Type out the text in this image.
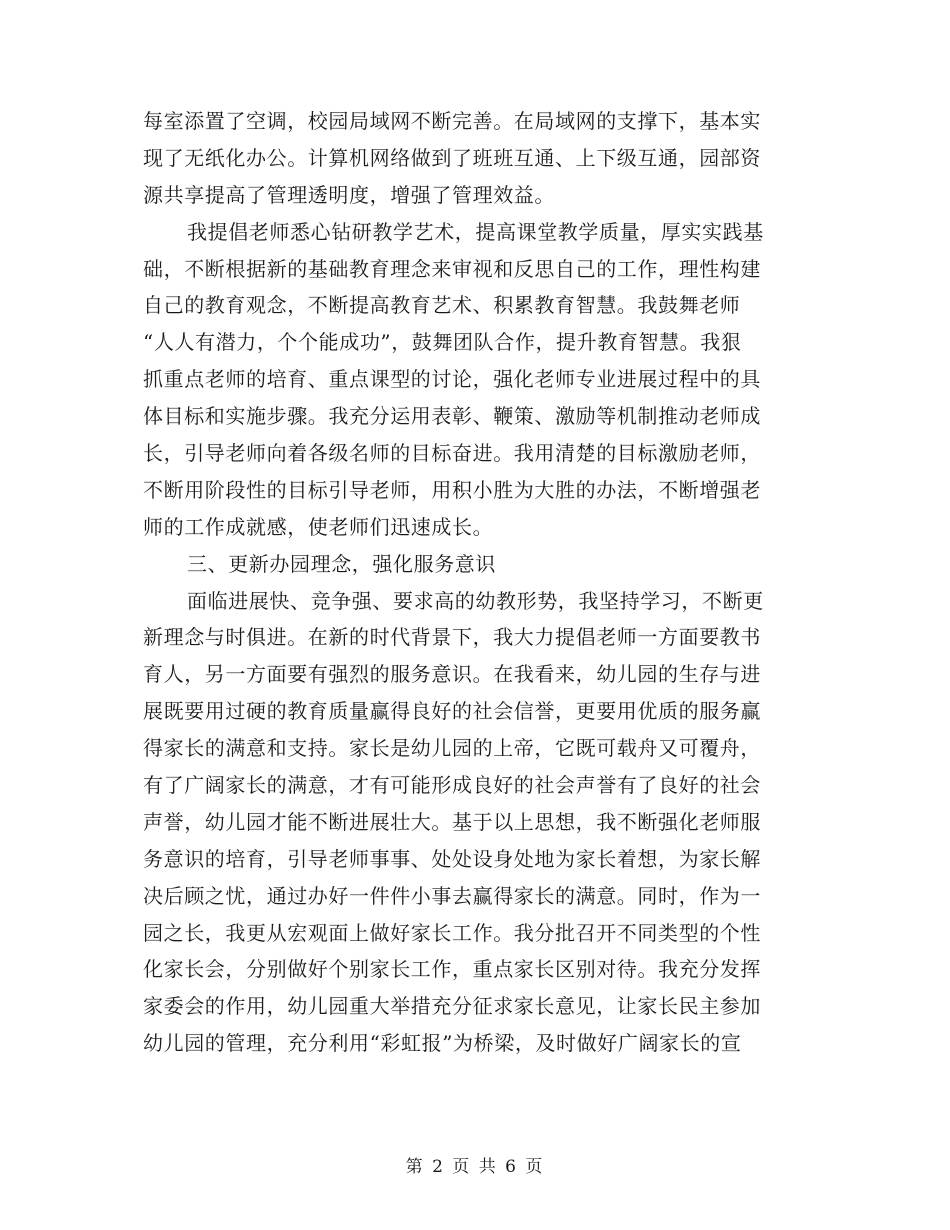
每室添置了空调，校园局域网不断完善。在局域网的支撑下，基本实
现了无纸化办公。计算机网络做到了班班互通、上下级互通，园部资
源共享提高了管理透明度，增强了管理效益。
我提倡老师悉心钻研教学艺术，提高课堂教学质量，厚实实践基
础，不断根据新的基础教育理念来审视和反思自己的工作，理性构建
自己的教育观念，不断提高教育艺术、积累教育智慧。我鼓舞老师
“人人有潜力，个个能成功”，鼓舞团队合作，提升教育智慧。我狠
抓重点老师的培育、重点课型的讨论，强化老师专业进展过程中的具
体目标和实施步骤。我充分运用表彰、鞭策、激励等机制推动老师成
长，引导老师向着各级名师的目标奋进。我用清楚的目标激励老师，
不断用阶段性的目标引导老师，用积小胜为大胜的办法，不断增强老
师的工作成就感，使老师们迅速成长。
三、更新办园理念，强化服务意识
面临进展快、竞争强、要求高的幼教形势，我坚持学习，不断更
新理念与时俱进。在新的时代背景下，我大力提倡老师一方面要教书
育人，另一方面要有强烈的服务意识。在我看来，幼儿园的生存与进
展既要用过硬的教育质量赢得良好的社会信誉，更要用优质的服务赢
得家长的满意和支持。家长是幼儿园的上帝，它既可载舟又可覆舟，
有了广阔家长的满意，才有可能形成良好的社会声誉有了良好的社会
声誉，幼儿园才能不断进展壮大。基于以上思想，我不断强化老师服
务意识的培育，引导老师事事、处处设身处地为家长着想，为家长解
决后顾之忧，通过办好一件件小事去赢得家长的满意。同时，作为一
园之长，我更从宏观面上做好家长工作。我分批召开不同类型的个性
化家长会，分别做好个别家长工作，重点家长区别对待。我充分发挥
家委会的作用，幼儿园重大举措充分征求家长意见，让家长民主参加
幼儿园的管理，充分利用“彩虹报”为桥梁，及时做好广阔家长的宣
第 2 页 共 6 页
